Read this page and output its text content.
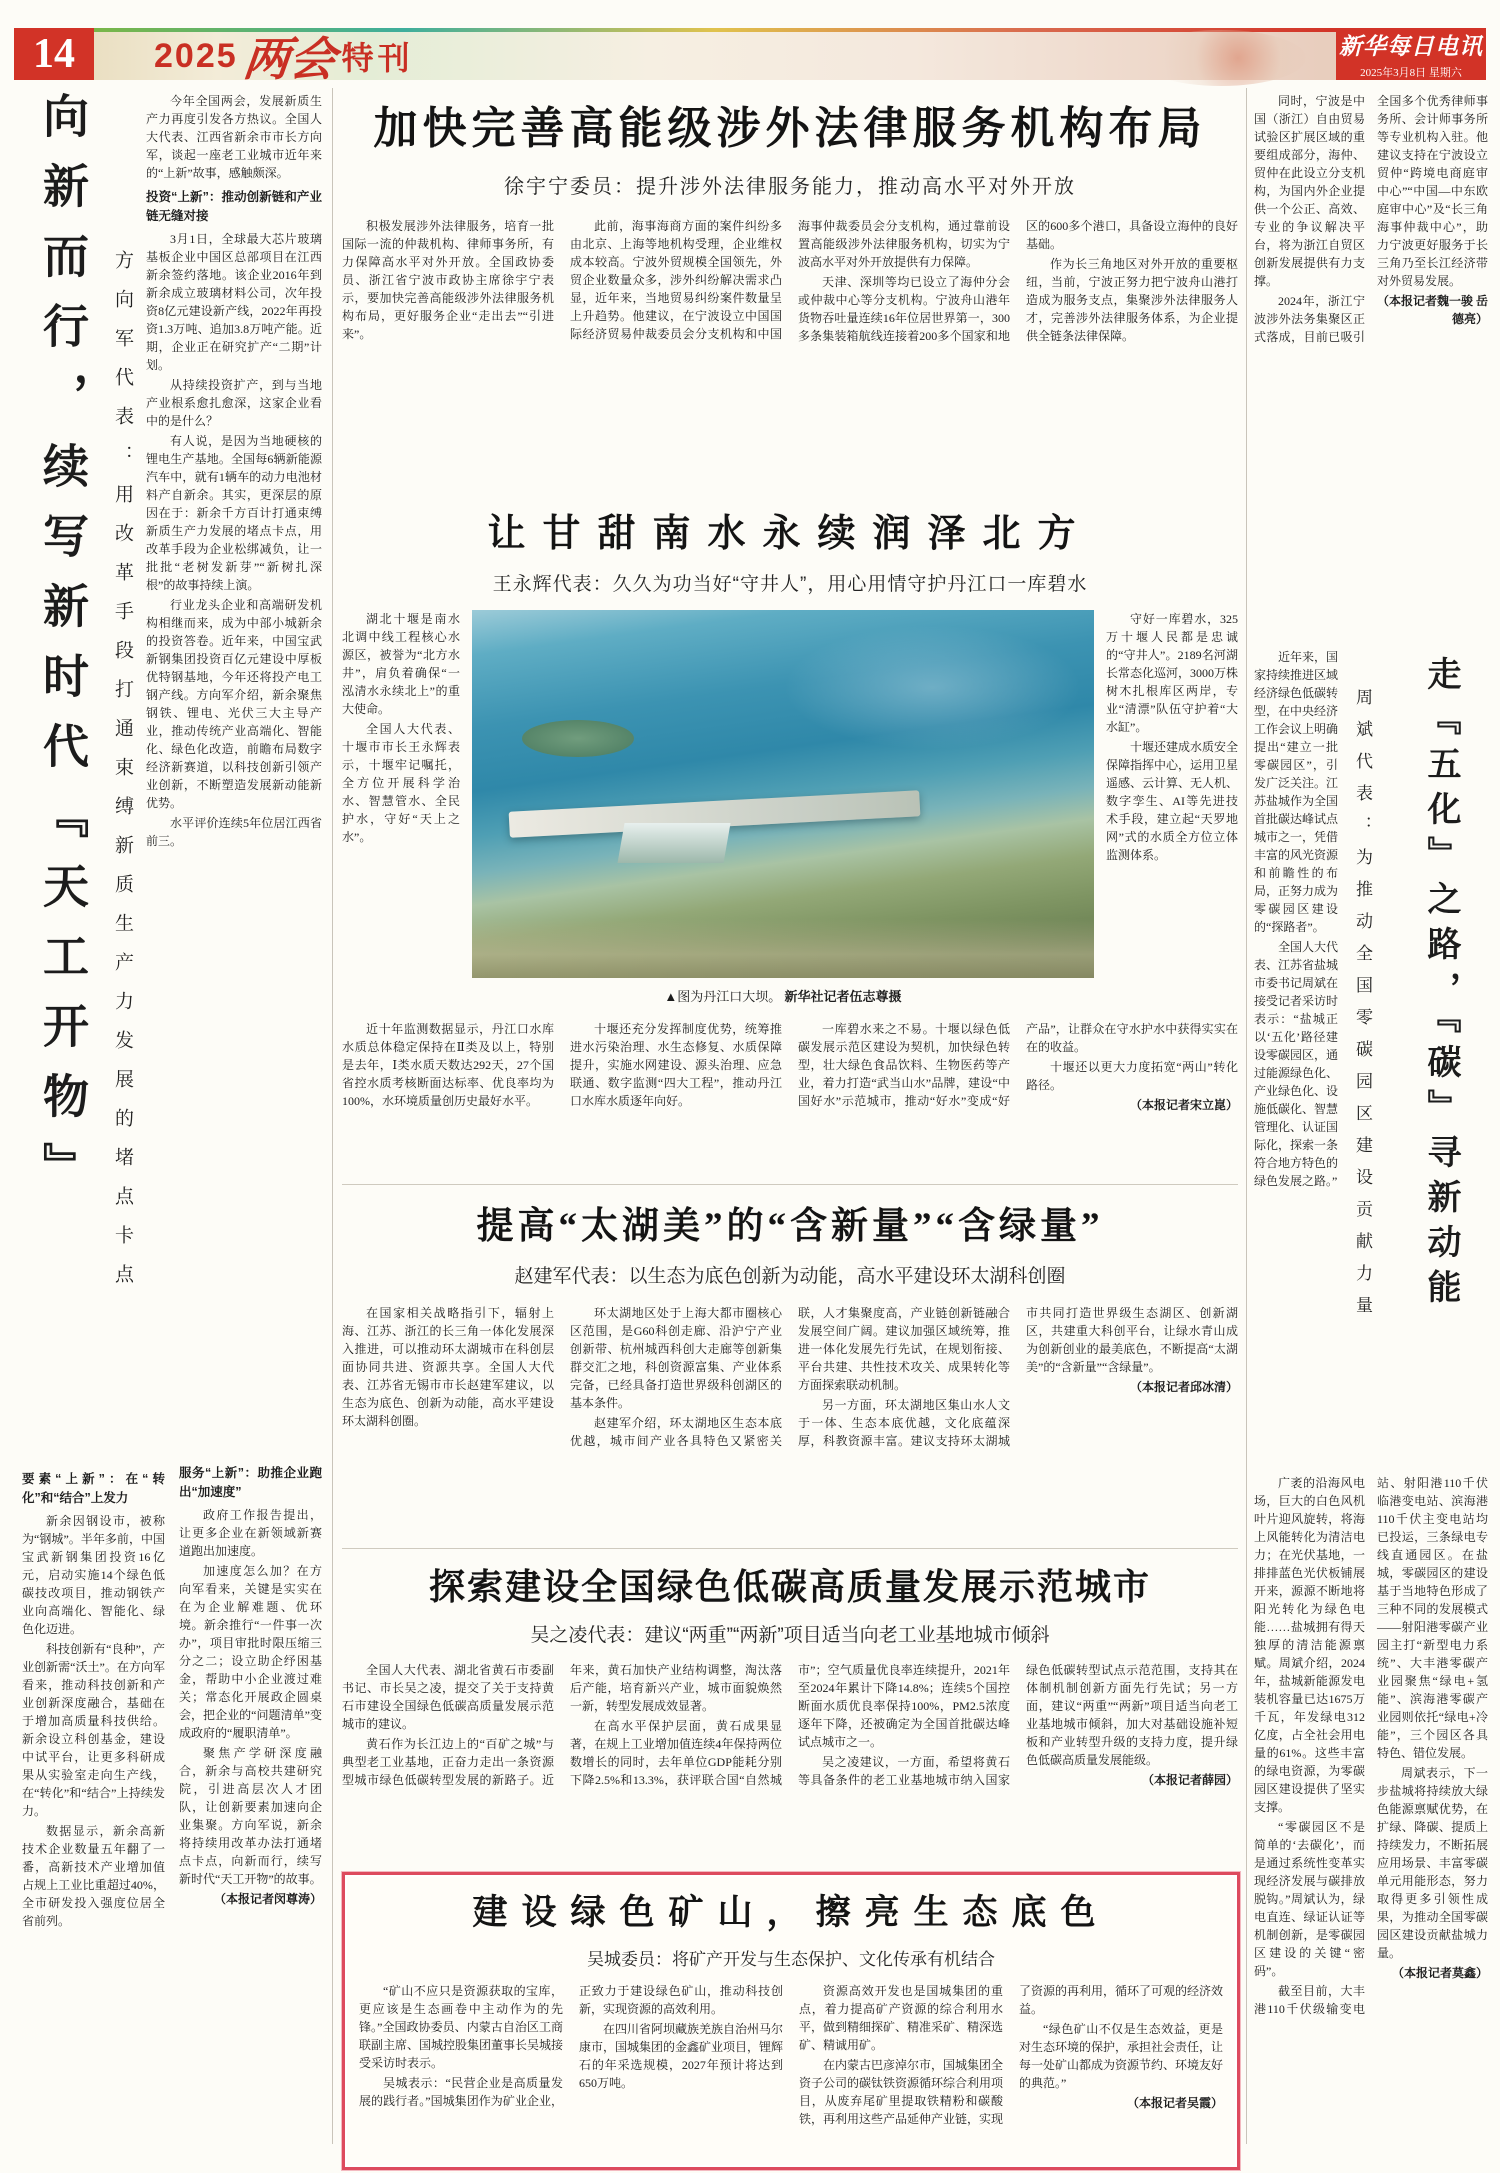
14	2025 两会 特刊	新华每日电讯
2025年3月8日 星期六
向新而行，续写新时代『天工开物』	方向军代表：用改革手段打通束缚新质生产力发展的堵点卡点

今年全国两会，发展新质生产力再度引发各方热议。全国人大代表、江西省新余市市长方向军，谈起一座老工业城市近年来的“上新”故事，感触颇深。

投资“上新”：推动创新链和产业链无缝对接

3月1日，全球最大芯片玻璃基板企业中国区总部项目在江西新余签约落地。该企业2016年到新余成立玻璃材料公司，次年投资8亿元建设新产线，2022年再投资1.3万吨、追加3.8万吨产能。近期，企业正在研究扩产“二期”计划。

从持续投资扩产，到与当地产业根系愈扎愈深，这家企业看中的是什么？

有人说，是因为当地硬核的锂电生产基地。全国每6辆新能源汽车中，就有1辆车的动力电池材料产自新余。其实，更深层的原因在于：新余千方百计打通束缚新质生产力发展的堵点卡点，用改革手段为企业松绑减负，让一批批“老树发新芽”“新树扎深根”的故事持续上演。

行业龙头企业和高端研发机构相继而来，成为中部小城新余的投资答卷。近年来，中国宝武新钢集团投资百亿元建设中厚板优特钢基地，今年还将投产电工钢产线。方向军介绍，新余聚焦钢铁、锂电、光伏三大主导产业，推动传统产业高端化、智能化、绿色化改造，前瞻布局数字经济新赛道，以科技创新引领产业创新，不断塑造发展新动能新优势。

水平评价连续5年位居江西省前三。

要素“上新”：在“转化”和“结合”上发力

新余因钢设市，被称为“钢城”。半年多前，中国宝武新钢集团投资16亿元，启动实施14个绿色低碳技改项目，推动钢铁产业向高端化、智能化、绿色化迈进。

科技创新有“良种”，产业创新需“沃土”。在方向军看来，推动科技创新和产业创新深度融合，基础在于增加高质量科技供给。新余设立科创基金，建设中试平台，让更多科研成果从实验室走向生产线，在“转化”和“结合”上持续发力。

数据显示，新余高新技术企业数量五年翻了一番，高新技术产业增加值占规上工业比重超过40%，全市研发投入强度位居全省前列。

服务“上新”：助推企业跑出“加速度”

政府工作报告提出，让更多企业在新领域新赛道跑出加速度。

加速度怎么加？在方向军看来，关键是实实在在为企业解难题、优环境。新余推行“一件事一次办”，项目审批时限压缩三分之二；设立助企纾困基金，帮助中小企业渡过难关；常态化开展政企圆桌会，把企业的“问题清单”变成政府的“履职清单”。

聚焦产学研深度融合，新余与高校共建研究院，引进高层次人才团队，让创新要素加速向企业集聚。方向军说，新余将持续用改革办法打通堵点卡点，向新而行，续写新时代“天工开物”的故事。

（本报记者闵尊涛）

加快完善高能级涉外法律服务机构布局
徐宇宁委员：提升涉外法律服务能力，推动高水平对外开放

积极发展涉外法律服务，培育一批国际一流的仲裁机构、律师事务所，有力保障高水平对外开放。全国政协委员、浙江省宁波市政协主席徐宇宁表示，要加快完善高能级涉外法律服务机构布局，更好服务企业“走出去”“引进来”。

此前，海事海商方面的案件纠纷多由北京、上海等地机构受理，企业维权成本较高。宁波外贸规模全国领先，外贸企业数量众多，涉外纠纷解决需求凸显，近年来，当地贸易纠纷案件数量呈上升趋势。他建议，在宁波设立中国国际经济贸易仲裁委员会分支机构和中国海事仲裁委员会分支机构，通过靠前设置高能级涉外法律服务机构，切实为宁波高水平对外开放提供有力保障。

天津、深圳等均已设立了海仲分会或仲裁中心等分支机构。宁波舟山港年货物吞吐量连续16年位居世界第一，300多条集装箱航线连接着200多个国家和地区的600多个港口，具备设立海仲的良好基础。

作为长三角地区对外开放的重要枢纽，当前，宁波正努力把宁波舟山港打造成为服务支点，集聚涉外法律服务人才，完善涉外法律服务体系，为企业提供全链条法律保障。

让甘甜南水永续润泽北方
王永辉代表：久久为功当好“守井人”，用心用情守护丹江口一库碧水

湖北十堰是南水北调中线工程核心水源区，被誉为“北方水井”，肩负着确保“一泓清水永续北上”的重大使命。

全国人大代表、十堰市市长王永辉表示，十堰牢记嘱托，全方位开展科学治水、智慧管水、全民护水，守好“天上之水”。

▲图为丹江口大坝。 新华社记者伍志尊摄

守好一库碧水，325万十堰人民都是忠诚的“守井人”。2189名河湖长常态化巡河，3000万株树木扎根库区两岸，专业“清漂”队伍守护着“大水缸”。

十堰还建成水质安全保障指挥中心，运用卫星遥感、云计算、无人机、数字孪生、AI等先进技术手段，建立起“天罗地网”式的水质全方位立体监测体系。

近十年监测数据显示，丹江口水库水质总体稳定保持在Ⅱ类及以上，特别是去年，Ⅰ类水质天数达292天，27个国省控水质考核断面达标率、优良率均为100%，水环境质量创历史最好水平。

十堰还充分发挥制度优势，统筹推进水污染治理、水生态修复、水质保障提升，实施水网建设、源头治理、应急联通、数字监测“四大工程”，推动丹江口水库水质逐年向好。

一库碧水来之不易。十堰以绿色低碳发展示范区建设为契机，加快绿色转型，壮大绿色食品饮料、生物医药等产业，着力打造“武当山水”品牌，建设“中国好水”示范城市，推动“好水”变成“好产品”，让群众在守水护水中获得实实在在的收益。

十堰还以更大力度拓宽“两山”转化路径。

（本报记者宋立崑）

提高“太湖美”的“含新量”“含绿量”
赵建军代表：以生态为底色创新为动能，高水平建设环太湖科创圈

在国家相关战略指引下，辐射上海、江苏、浙江的长三角一体化发展深入推进，可以推动环太湖城市在科创层面协同共进、资源共享。全国人大代表、江苏省无锡市市长赵建军建议，以生态为底色、创新为动能，高水平建设环太湖科创圈。

环太湖地区处于上海大都市圈核心区范围，是G60科创走廊、沿沪宁产业创新带、杭州城西科创大走廊等创新集群交汇之地，科创资源富集、产业体系完备，已经具备打造世界级科创湖区的基本条件。

赵建军介绍，环太湖地区生态本底优越，城市间产业各具特色又紧密关联，人才集聚度高，产业链创新链融合发展空间广阔。建议加强区域统筹，推进一体化发展先行先试，在规划衔接、平台共建、共性技术攻关、成果转化等方面探索联动机制。

另一方面，环太湖地区集山水人文于一体、生态本底优越，文化底蕴深厚，科教资源丰富。建议支持环太湖城市共同打造世界级生态湖区、创新湖区，共建重大科创平台，让绿水青山成为创新创业的最美底色，不断提高“太湖美”的“含新量”“含绿量”。

（本报记者邱冰清）

探索建设全国绿色低碳高质量发展示范城市
吴之凌代表：建议“两重”“两新”项目适当向老工业基地城市倾斜

全国人大代表、湖北省黄石市委副书记、市长吴之凌，提交了关于支持黄石市建设全国绿色低碳高质量发展示范城市的建议。

黄石作为长江边上的“百矿之城”与典型老工业基地，正奋力走出一条资源型城市绿色低碳转型发展的新路子。近年来，黄石加快产业结构调整，淘汰落后产能，培育新兴产业，城市面貌焕然一新，转型发展成效显著。

在高水平保护层面，黄石成果显著，在规上工业增加值连续4年保持两位数增长的同时，去年单位GDP能耗分别下降2.5%和13.3%，获评联合国“自然城市”；空气质量优良率连续提升，2021年至2024年累计下降14.8%；连续5个国控断面水质优良率保持100%，PM2.5浓度逐年下降，还被确定为全国首批碳达峰试点城市之一。

吴之凌建议，一方面，希望将黄石等具备条件的老工业基地城市纳入国家绿色低碳转型试点示范范围，支持其在体制机制创新方面先行先试；另一方面，建议“两重”“两新”项目适当向老工业基地城市倾斜，加大对基础设施补短板和产业转型升级的支持力度，提升绿色低碳高质量发展能级。

（本报记者薛园）

建设绿色矿山，擦亮生态底色
吴城委员：将矿产开发与生态保护、文化传承有机结合

“矿山不应只是资源获取的宝库，更应该是生态画卷中主动作为的先锋。”全国政协委员、内蒙古自治区工商联副主席、国城控股集团董事长吴城接受采访时表示。

吴城表示：“民营企业是高质量发展的践行者。”国城集团作为矿业企业，正致力于建设绿色矿山，推动科技创新，实现资源的高效利用。

在四川省阿坝藏族羌族自治州马尔康市，国城集团的金鑫矿业项目，锂辉石的年采选规模，2027年预计将达到650万吨。

资源高效开发也是国城集团的重点，着力提高矿产资源的综合利用水平，做到精细探矿、精准采矿、精深选矿、精诚用矿。

在内蒙古巴彦淖尔市，国城集团全资子公司的碳钛铁资源循环综合利用项目，从废弃尾矿里提取铁精粉和碳酸铁，再利用这些产品延伸产业链，实现了资源的再利用，循环了可观的经济效益。

“绿色矿山不仅是生态效益，更是对生态环境的保护，承担社会责任，让每一处矿山都成为资源节约、环境友好的典范。”

（本报记者吴霞）

同时，宁波是中国（浙江）自由贸易试验区扩展区域的重要组成部分，海仲、贸仲在此设立分支机构，为国内外企业提供一个公正、高效、专业的争议解决平台，将为浙江自贸区创新发展提供有力支撑。

2024年，浙江宁波涉外法务集聚区正式落成，目前已吸引全国多个优秀律师事务所、会计师事务所等专业机构入驻。他建议支持在宁波设立贸仲“跨境电商庭审中心”“中国—中东欧庭审中心”及“长三角海事仲裁中心”，助力宁波更好服务于长三角乃至长江经济带对外贸易发展。

（本报记者魏一骏 岳德亮）

近年来，国家持续推进区域经济绿色低碳转型，在中央经济工作会议上明确提出“建立一批零碳园区”，引发广泛关注。江苏盐城作为全国首批碳达峰试点城市之一，凭借丰富的风光资源和前瞻性的布局，正努力成为零碳园区建设的“探路者”。

全国人大代表、江苏省盐城市委书记周斌在接受记者采访时表示：“盐城正以‘五化’路径建设零碳园区，通过能源绿色化、产业绿色化、设施低碳化、智慧管理化、认证国际化，探索一条符合地方特色的绿色发展之路。” 周斌代表：为推动全国零碳园区建设贡献力量	走『五化』之路，『碳』寻新动能

广袤的沿海风电场，巨大的白色风机叶片迎风旋转，将海上风能转化为清洁电力；在光伏基地，一排排蓝色光伏板铺展开来，源源不断地将阳光转化为绿色电能……盐城拥有得天独厚的清洁能源禀赋。周斌介绍，2024年，盐城新能源发电装机容量已达1675万千瓦，年发绿电312亿度，占全社会用电量的61%。这些丰富的绿电资源，为零碳园区建设提供了坚实支撑。

“零碳园区不是简单的‘去碳化’，而是通过系统性变革实现经济发展与碳排放脱钩。”周斌认为，绿电直连、绿证认证等机制创新，是零碳园区建设的关键“密码”。

截至目前，大丰港110千伏级输变电站、射阳港110千伏临港变电站、滨海港110千伏主变电站均已投运，三条绿电专线直通园区。在盐城，零碳园区的建设基于当地特色形成了三种不同的发展模式——射阳港零碳产业园主打“新型电力系统”、大丰港零碳产业园聚焦“绿电+氢能”、滨海港零碳产业园则依托“绿电+冷能”，三个园区各具特色、错位发展。

周斌表示，下一步盐城将持续放大绿色能源禀赋优势，在扩绿、降碳、提质上持续发力，不断拓展应用场景、丰富零碳单元用能形态，努力取得更多引领性成果，为推动全国零碳园区建设贡献盐城力量。

（本报记者莫鑫）
